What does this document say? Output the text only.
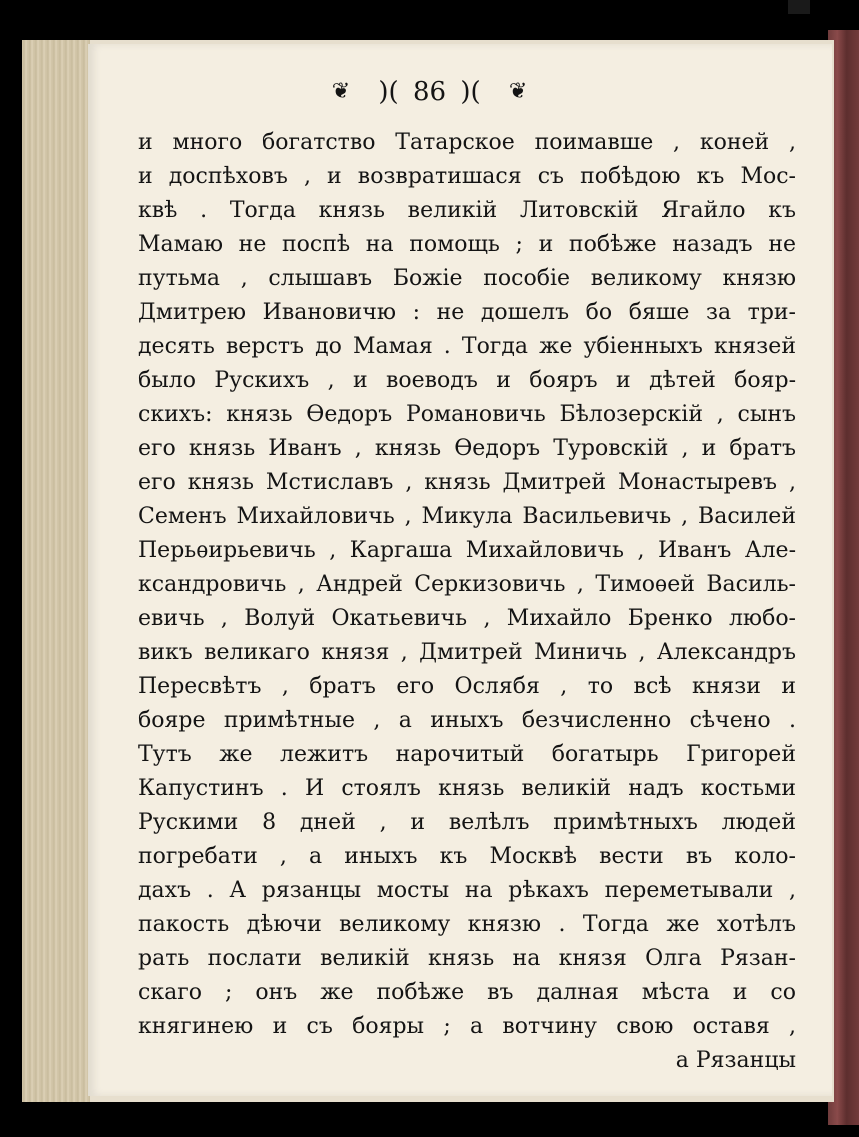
❦ )( 86 )( ❦
и много богатство Татарское поимавше , коней ,
и доспѣховъ , и возвратишася съ побѣдою къ Мос-
квѣ . Тогда князь великій Литовскій Ягайло къ
Мамаю не поспѣ на помощь ; и побѣже назадъ не
путьма , слышавъ Божіе пособіе великому князю
Дмитрею Ивановичю : не дошелъ бо бяше за три-
десять верстъ до Мамая . Тогда же убіенныхъ князей
было Рускихъ , и воеводъ и бояръ и дѣтей бояр-
скихъ: князь Ѳедоръ Романовичь Бѣлозерскій , сынъ
его князь Иванъ , князь Ѳедоръ Туровскій , и братъ
его князь Мстиславъ , князь Дмитрей Монастыревъ ,
Семенъ Михайловичь , Микула Васильевичь , Василей
Перьѳирьевичь , Каргаша Михайловичь , Иванъ Але-
ксандровичь , Андрей Серкизовичь , Тимоѳей Василь-
евичь , Волуй Окатьевичь , Михайло Бренко любо-
викъ великаго князя , Дмитрей Миничь , Александръ
Пересвѣтъ , братъ его Ослябя , то всѣ князи и
бояре примѣтные , а иныхъ безчисленно сѣчено .
Тутъ же лежитъ нарочитый богатырь Григорей
Капустинъ . И стоялъ князь великій надъ костьми
Рускими 8 дней , и велѣлъ примѣтныхъ людей
погребати , а иныхъ къ Москвѣ вести въ коло-
дахъ . А рязанцы мосты на рѣкахъ переметывали ,
пакость дѣючи великому князю . Тогда же хотѣлъ
рать послати великій князь на князя Олга Рязан-
скаго ; онъ же побѣже въ далная мѣста и со
княгинею и съ бояры ; а вотчину свою оставя ,
а Рязанцы
